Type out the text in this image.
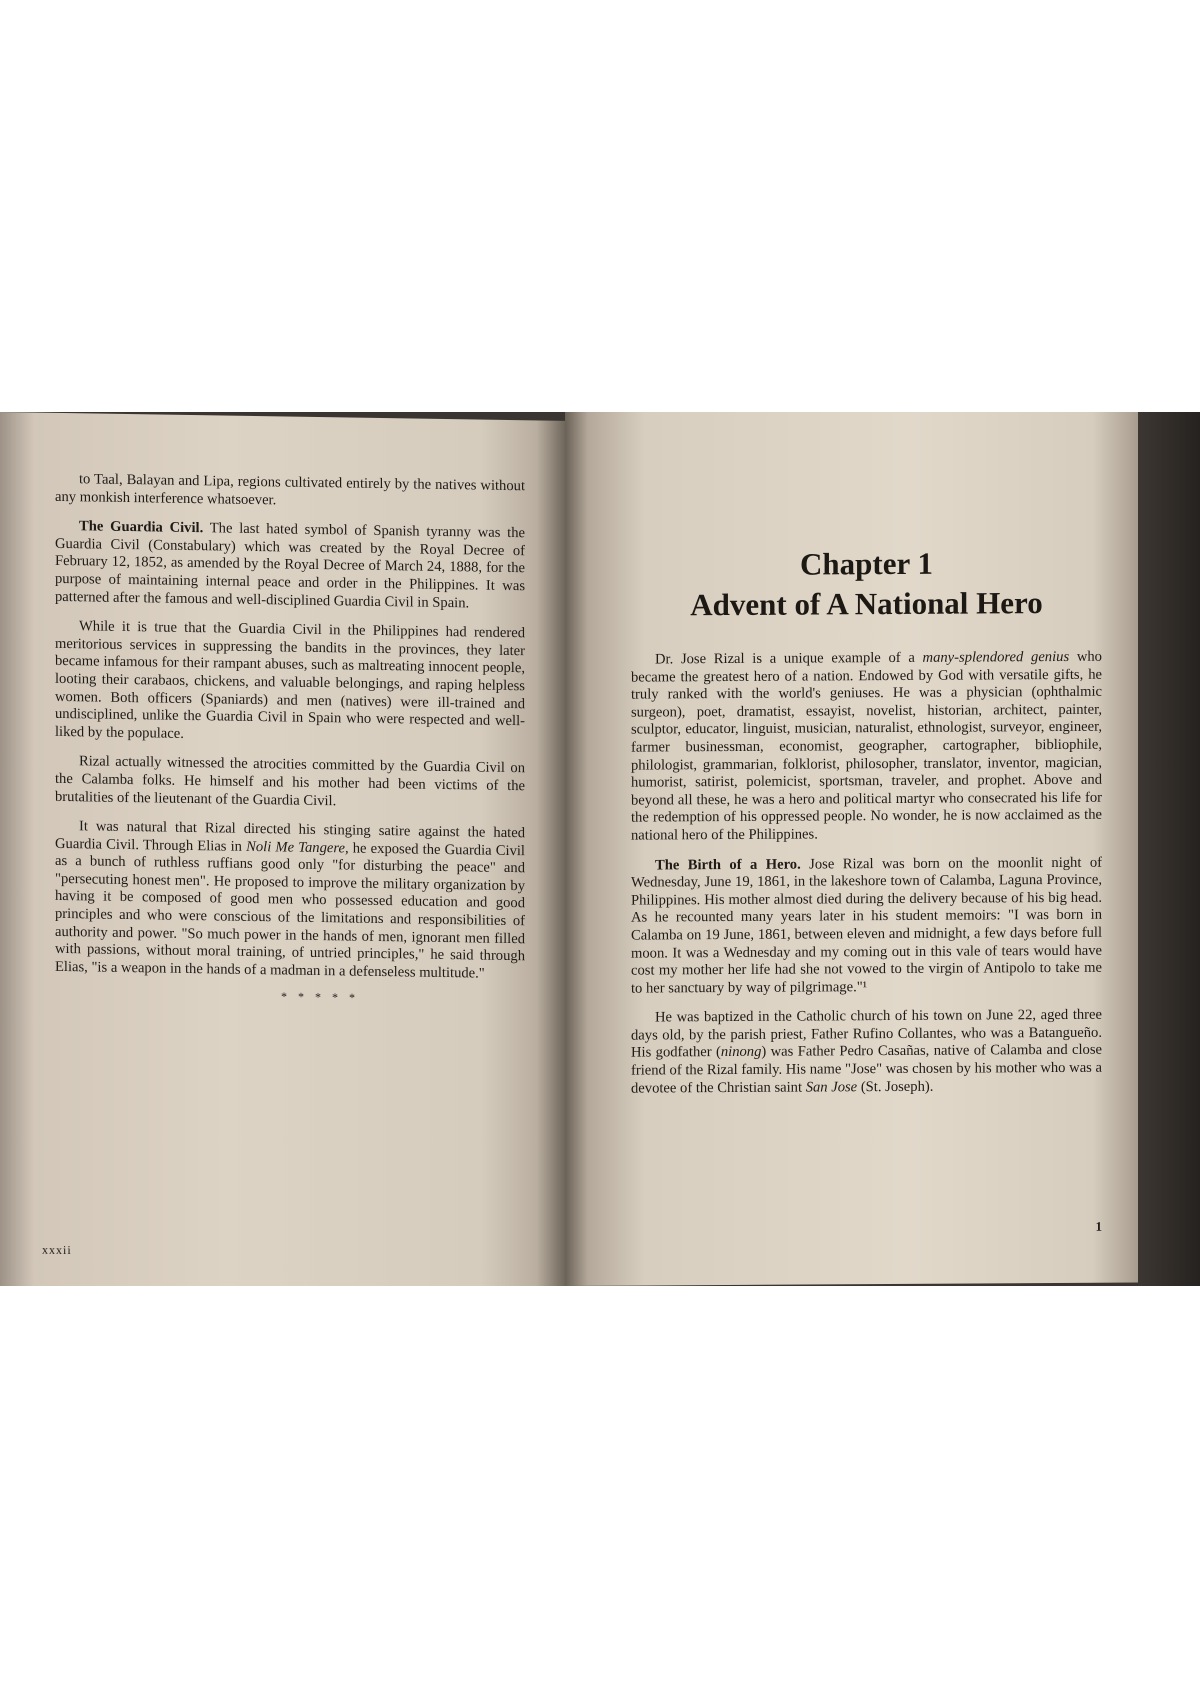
to Taal, Balayan and Lipa, regions cultivated entirely by the natives without any monkish interference whatsoever.

The Guardia Civil. The last hated symbol of Spanish tyranny was the Guardia Civil (Constabulary) which was created by the Royal Decree of February 12, 1852, as amended by the Royal Decree of March 24, 1888, for the purpose of maintaining internal peace and order in the Philippines. It was patterned after the famous and well-disciplined Guardia Civil in Spain.

While it is true that the Guardia Civil in the Philippines had rendered meritorious services in suppressing the bandits in the provinces, they later became infamous for their rampant abuses, such as maltreating innocent people, looting their carabaos, chickens, and valuable belongings, and raping helpless women. Both officers (Spaniards) and men (natives) were ill-trained and undisciplined, unlike the Guardia Civil in Spain who were respected and well-liked by the populace.

Rizal actually witnessed the atrocities committed by the Guardia Civil on the Calamba folks. He himself and his mother had been victims of the brutalities of the lieutenant of the Guardia Civil.

It was natural that Rizal directed his stinging satire against the hated Guardia Civil. Through Elias in Noli Me Tangere, he exposed the Guardia Civil as a bunch of ruthless ruffians good only "for disturbing the peace" and "persecuting honest men". He proposed to improve the military organization by having it be composed of good men who possessed education and good principles and who were conscious of the limitations and responsibilities of authority and power. "So much power in the hands of men, ignorant men filled with passions, without moral training, of untried principles," he said through Elias, "is a weapon in the hands of a madman in a defenseless multitude."

* * * * *
xxxii
Chapter 1
Advent of A National Hero

Dr. Jose Rizal is a unique example of a many-splendored genius who became the greatest hero of a nation. Endowed by God with versatile gifts, he truly ranked with the world's geniuses. He was a physician (ophthalmic surgeon), poet, dramatist, essayist, novelist, historian, architect, painter, sculptor, educator, linguist, musician, naturalist, ethnologist, surveyor, engineer, farmer businessman, economist, geographer, cartographer, bibliophile, philologist, grammarian, folklorist, philosopher, translator, inventor, magician, humorist, satirist, polemicist, sportsman, traveler, and prophet. Above and beyond all these, he was a hero and political martyr who consecrated his life for the redemption of his oppressed people. No wonder, he is now acclaimed as the national hero of the Philippines.

The Birth of a Hero. Jose Rizal was born on the moonlit night of Wednesday, June 19, 1861, in the lakeshore town of Calamba, Laguna Province, Philippines. His mother almost died during the delivery because of his big head. As he recounted many years later in his student memoirs: "I was born in Calamba on 19 June, 1861, between eleven and midnight, a few days before full moon. It was a Wednesday and my coming out in this vale of tears would have cost my mother her life had she not vowed to the virgin of Antipolo to take me to her sanctuary by way of pilgrimage."¹

He was baptized in the Catholic church of his town on June 22, aged three days old, by the parish priest, Father Rufino Collantes, who was a Batangueño. His godfather (ninong) was Father Pedro Casañas, native of Calamba and close friend of the Rizal family. His name "Jose" was chosen by his mother who was a devotee of the Christian saint San Jose (St. Joseph).

1
